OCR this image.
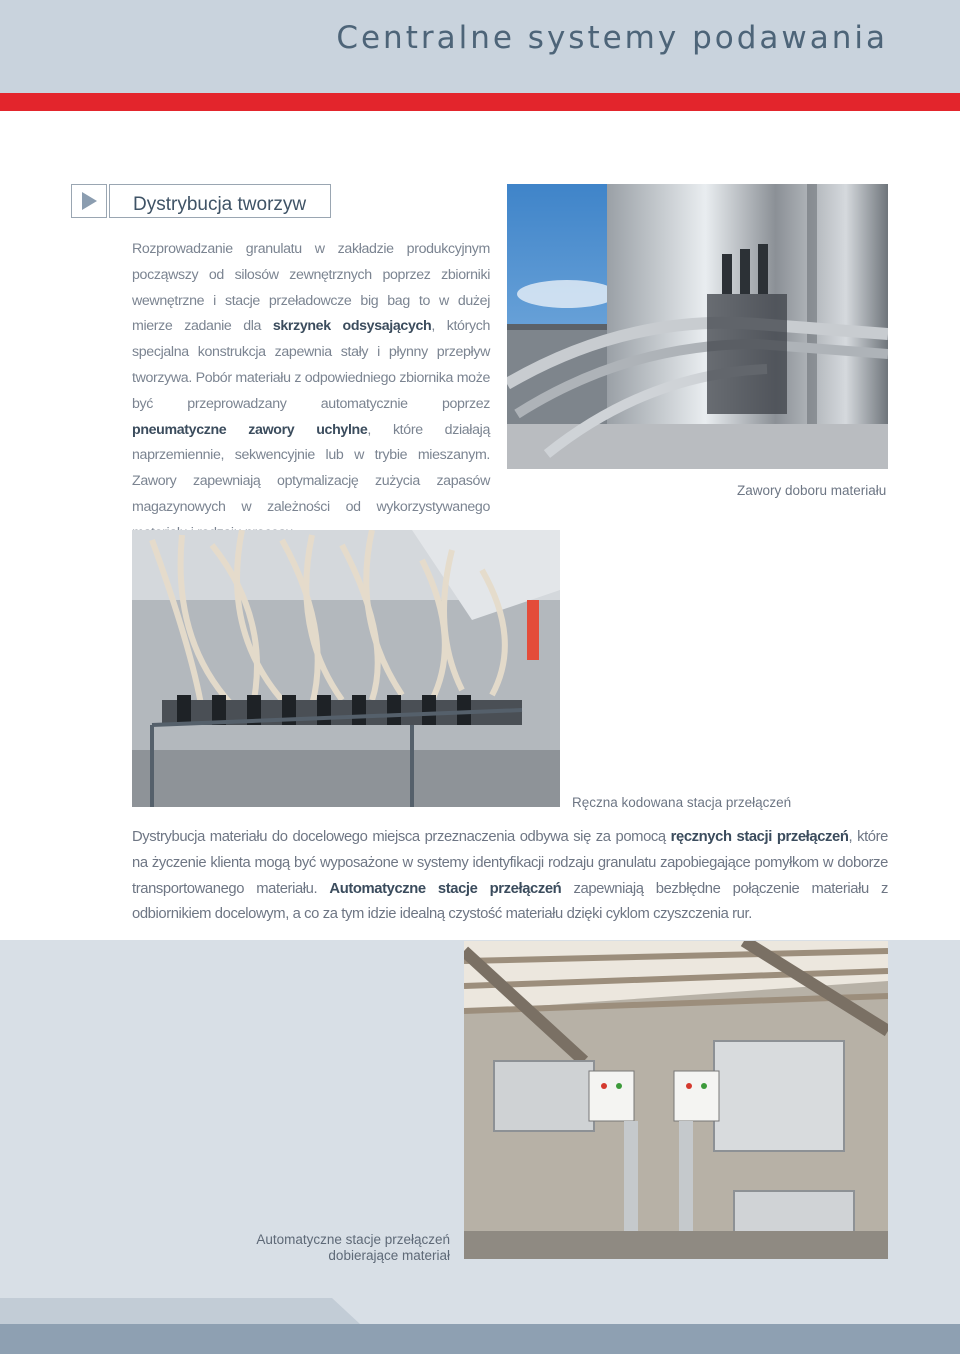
Centralne systemy podawania
Dystrybucja tworzyw

Rozprowadzanie granulatu w zakładzie produkcyjnym począwszy od silosów zewnętrznych poprzez zbiorniki wewnętrzne i stacje przeładowcze big bag to w dużej mierze zadanie dla skrzynek odsysających, których specjalna konstrukcja zapewnia stały i płynny przepływ tworzywa. Pobór materiału z odpowiedniego zbiornika może być przeprowadzany automatycznie poprzez pneumatyczne zawory uchylne, które działają naprzemiennie, sekwencyjnie lub w trybie mieszanym. Zawory zapewniają optymalizację zużycia zapasów magazynowych w zależności od wykorzystywanego

Zawory doboru materiału

Ręczna kodowana stacja przełączeń

Dystrybucja materiału do docelowego miejsca przeznaczenia odbywa się za pomocą ręcznych stacji przełączeń, które na życzenie klienta mogą być wyposażone w systemy identyfikacji rodzaju granulatu zapobiegające pomyłkom w doborze transportowanego materiału. Automatyczne stacje przełączeń zapewniają bezbłędne połączenie materiału z odbiornikiem docelowym, a co za tym idzie idealną czystość materiału dzięki cyklom czyszczenia rur.

Automatyczne stacje przełączeń
dobierające materiał
